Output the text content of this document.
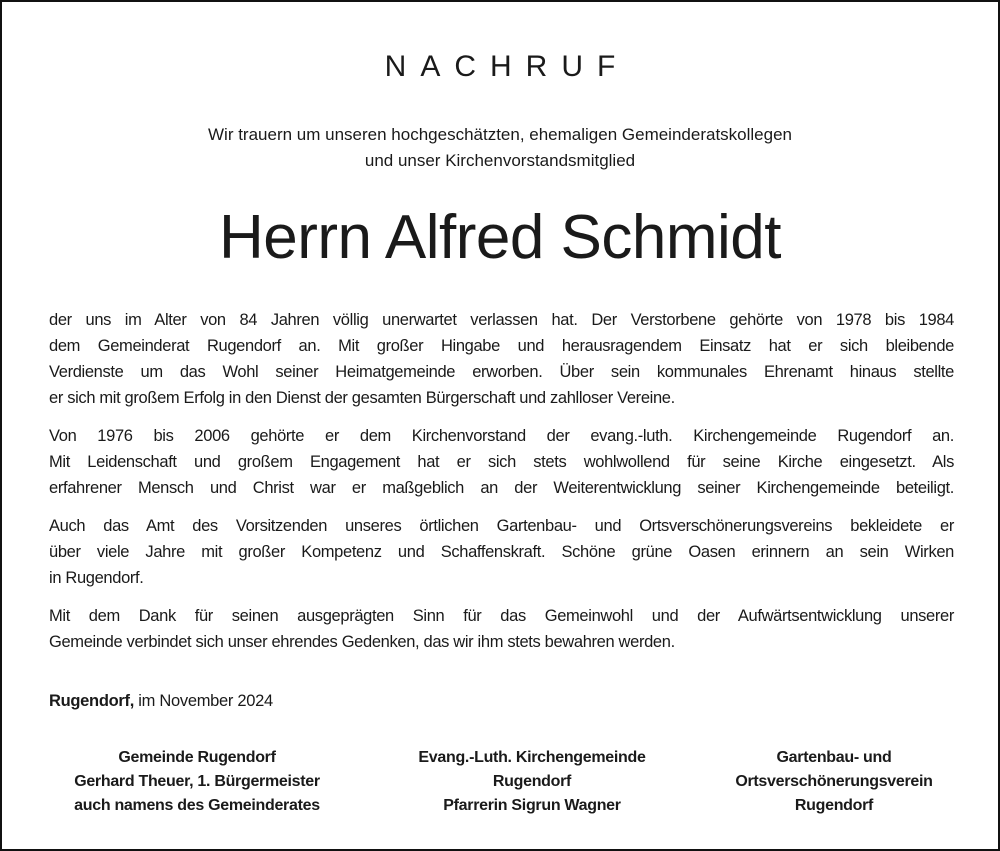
NACHRUF
Wir trauern um unseren hochgeschätzten, ehemaligen Gemeinderatskollegen
und unser Kirchenvorstandsmitglied
Herrn Alfred Schmidt
der uns im Alter von 84 Jahren völlig unerwartet verlassen hat. Der Verstorbene gehörte von 1978 bis 1984
dem Gemeinderat Rugendorf an. Mit großer Hingabe und herausragendem Einsatz hat er sich bleibende
Verdienste um das Wohl seiner Heimatgemeinde erworben. Über sein kommunales Ehrenamt hinaus stellte
er sich mit großem Erfolg in den Dienst der gesamten Bürgerschaft und zahlloser Vereine.
Von 1976 bis 2006 gehörte er dem Kirchenvorstand der evang.-luth. Kirchengemeinde Rugendorf an.
Mit Leidenschaft und großem Engagement hat er sich stets wohlwollend für seine Kirche eingesetzt. Als
erfahrener Mensch und Christ war er maßgeblich an der Weiterentwicklung seiner Kirchengemeinde beteiligt.
Auch das Amt des Vorsitzenden unseres örtlichen Gartenbau- und Ortsverschönerungsvereins bekleidete er
über viele Jahre mit großer Kompetenz und Schaffenskraft. Schöne grüne Oasen erinnern an sein Wirken
in Rugendorf.
Mit dem Dank für seinen ausgeprägten Sinn für das Gemeinwohl und der Aufwärtsentwicklung unserer
Gemeinde verbindet sich unser ehrendes Gedenken, das wir ihm stets bewahren werden.
Rugendorf, im November 2024
Gemeinde Rugendorf
Gerhard Theuer, 1. Bürgermeister
auch namens des Gemeinderates
Evang.-Luth. Kirchengemeinde
Rugendorf
Pfarrerin Sigrun Wagner
Gartenbau- und
Ortsverschönerungsverein
Rugendorf
